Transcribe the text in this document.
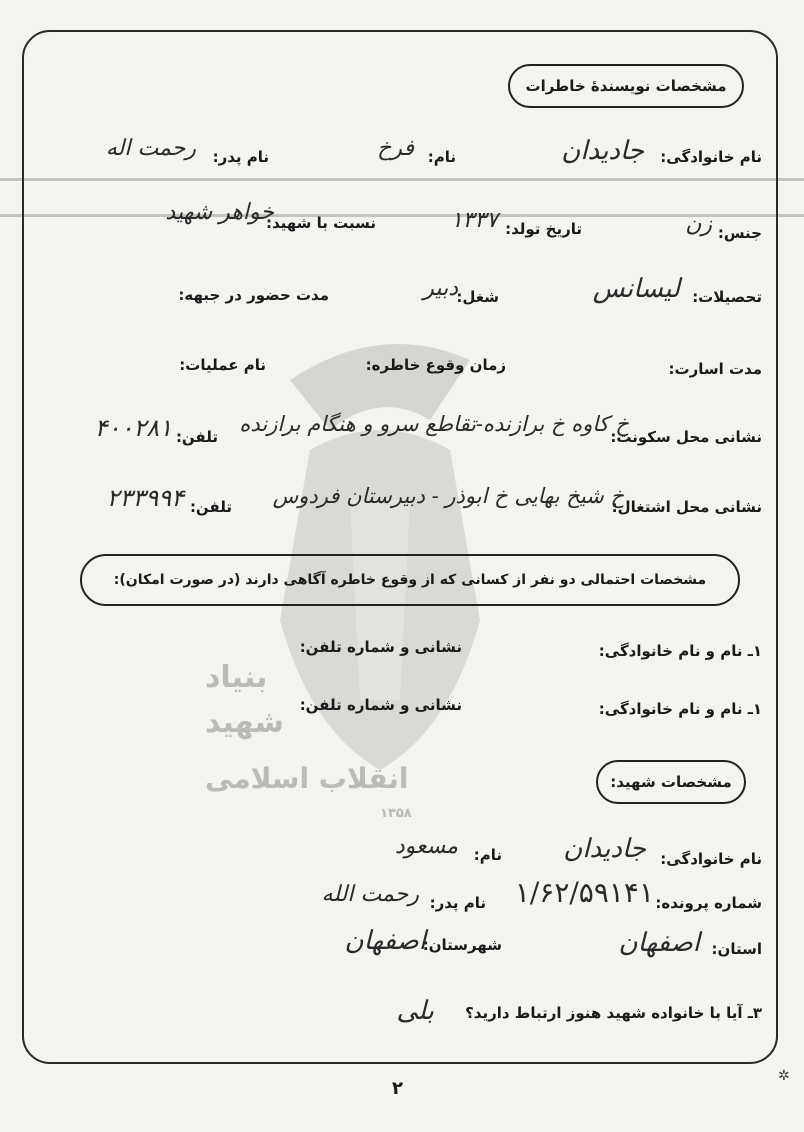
بنیاد
شهید
انقلاب اسلامی
۱۳۵۸
مشخصات نویسندهٔ خاطرات
نام خانوادگی:
جادیدان
نام:
فرخ
نام پدر:
رحمت اله
جنس:
زن
تاریخ تولد:
۱۳۳۷
نسبت با شهید:
خواهر شهید
تحصیلات:
لیسانس
شغل:
دبیر
مدت حضور در جبهه:
مدت اسارت:
زمان وقوع خاطره:
نام عملیات:
نشانی محل سکونت:
خ کاوه خ برازنده-تقاطع سرو و هنگام برازنده
تلفن:
۴۰۰۲۸۱
نشانی محل اشتغال:
خ شیخ بهایی خ ابوذر - دبیرستان فردوس
تلفن:
۲۳۳۹۹۴
مشخصات احتمالی دو نفر از کسانی که از وقوع خاطره آگاهی دارند (در صورت امکان):
۱ـ نام و نام خانوادگی:
نشانی و شماره تلفن:
۱ـ نام و نام خانوادگی:
نشانی و شماره تلفن:
مشخصات شهید:
نام خانوادگی:
جادیدان
نام:
مسعود
شماره پرونده:
۱/۶۲/۵۹۱۴۱
نام پدر:
رحمت الله
استان:
اصفهان
شهرستان:
اصفهان
۳ـ آیا با خانواده شهید هنوز ارتباط دارید؟
بلی
۲
✲
